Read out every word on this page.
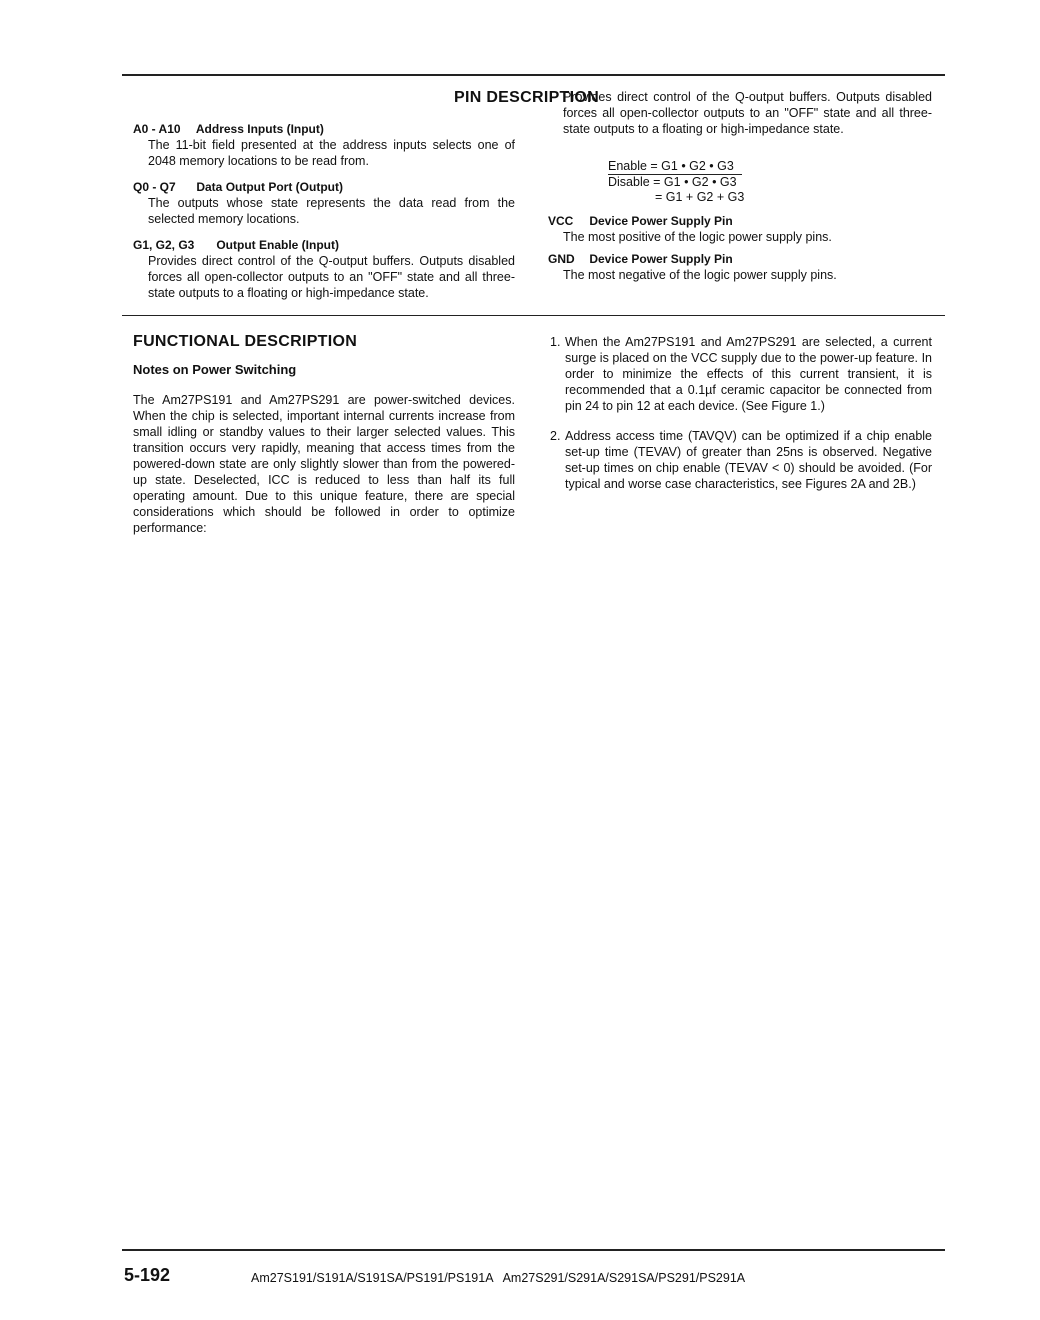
PIN DESCRIPTION
A0 - A10 Address Inputs (Input)
The 11-bit field presented at the address inputs selects one of 2048 memory locations to be read from.
Q0 - Q7 Data Output Port (Output)
The outputs whose state represents the data read from the selected memory locations.
G1, G2, G3 Output Enable (Input)
Provides direct control of the Q-output buffers. Outputs disabled forces all open-collector outputs to an "OFF" state and all three-state outputs to a floating or high-impedance state.
Provides direct control of the Q-output buffers. Outputs disabled forces all open-collector outputs to an "OFF" state and all three-state outputs to a floating or high-impedance state.
Enable = G1 • G2 • G3
Disable = G1 • G2 • G3
= G1 + G2 + G3
VCC Device Power Supply Pin
The most positive of the logic power supply pins.
GND Device Power Supply Pin
The most negative of the logic power supply pins.
FUNCTIONAL DESCRIPTION
Notes on Power Switching
The Am27PS191 and Am27PS291 are power-switched devices. When the chip is selected, important internal currents increase from small idling or standby values to their larger selected values. This transition occurs very rapidly, meaning that access times from the powered-down state are only slightly slower than from the powered-up state. Deselected, ICC is reduced to less than half its full operating amount. Due to this unique feature, there are special considerations which should be followed in order to optimize performance:
1. When the Am27PS191 and Am27PS291 are selected, a current surge is placed on the VCC supply due to the power-up feature. In order to minimize the effects of this current transient, it is recommended that a 0.1µf ceramic capacitor be connected from pin 24 to pin 12 at each device. (See Figure 1.)
2. Address access time (TAVQV) can be optimized if a chip enable set-up time (TEVAV) of greater than 25ns is observed. Negative set-up times on chip enable (TEVAV < 0) should be avoided. (For typical and worse case characteristics, see Figures 2A and 2B.)
5-192	Am27S191/S191A/S191SA/PS191/PS191A   Am27S291/S291A/S291SA/PS291/PS291A
